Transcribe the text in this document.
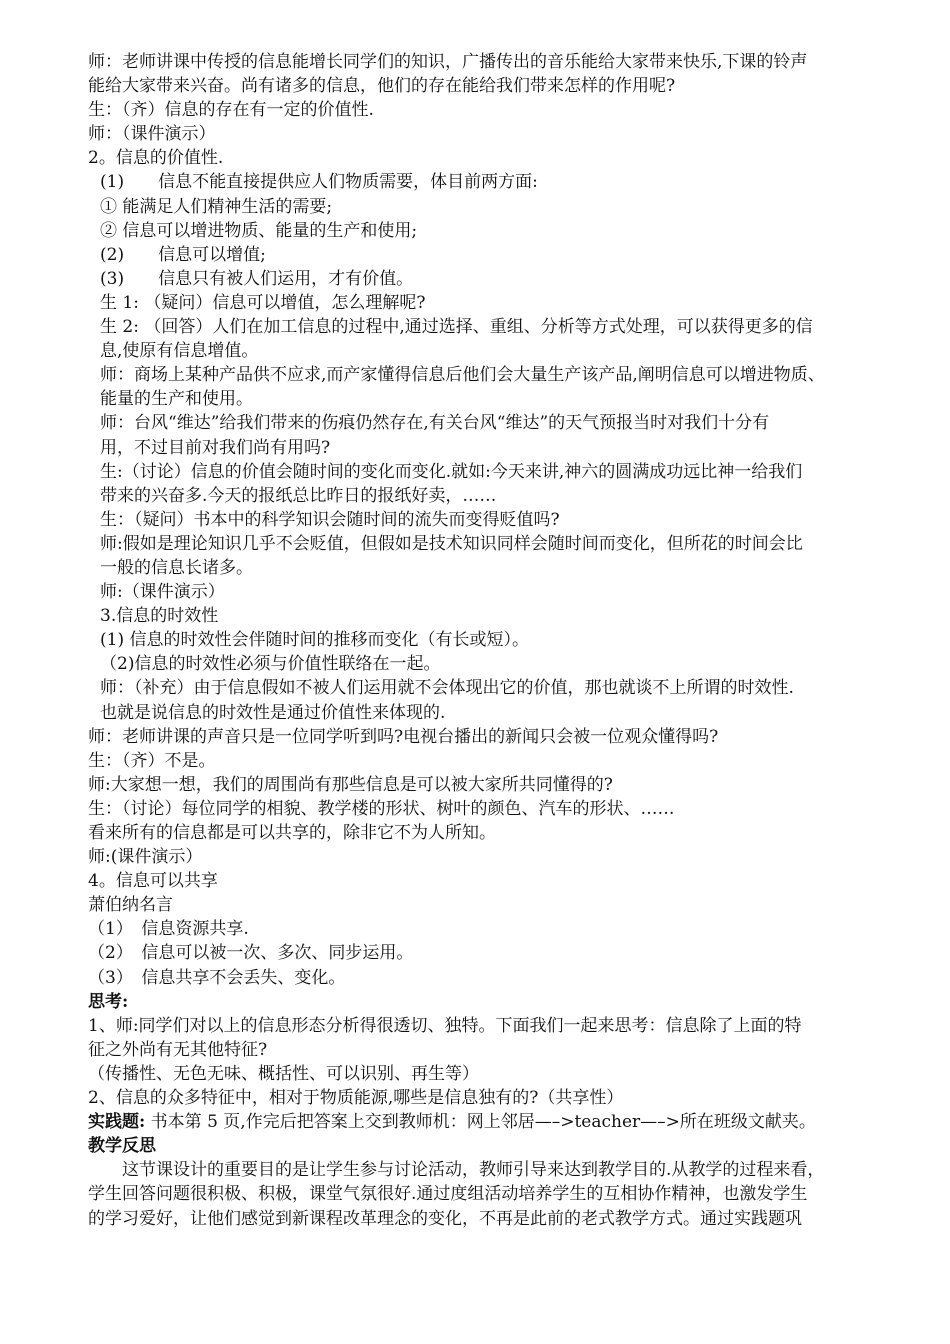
师：老师讲课中传授的信息能增长同学们的知识，广播传出的音乐能给大家带来快乐,下课的铃声
能给大家带来兴奋。尚有诸多的信息，他们的存在能给我们带来怎样的作用呢?
生：（齐）信息的存在有一定的价值性.
师：（课件演示）
2。信息的价值性.
(1)　　信息不能直接提供应人们物质需要，体目前两方面:
① 能满足人们精神生活的需要;
② 信息可以增进物质、能量的生产和使用;
(2)　　信息可以增值;
(3)　　信息只有被人们运用，才有价值。
生 1: （疑问）信息可以增值，怎么理解呢?
生 2: （回答）人们在加工信息的过程中,通过选择、重组、分析等方式处理，可以获得更多的信
息,使原有信息增值。
师：商场上某种产品供不应求,而产家懂得信息后他们会大量生产该产品,阐明信息可以增进物质、
能量的生产和使用。
师：台风“维达”给我们带来的伤痕仍然存在,有关台风“维达”的天气预报当时对我们十分有
用，不过目前对我们尚有用吗?
生:（讨论）信息的价值会随时间的变化而变化.就如:今天来讲,神六的圆满成功远比神一给我们
带来的兴奋多.今天的报纸总比昨日的报纸好卖，……
生：（疑问）书本中的科学知识会随时间的流失而变得贬值吗?
师:假如是理论知识几乎不会贬值，但假如是技术知识同样会随时间而变化，但所花的时间会比
一般的信息长诸多。
师:（课件演示）
3.信息的时效性
(1) 信息的时效性会伴随时间的推移而变化（有长或短）。
（2)信息的时效性必须与价值性联络在一起。
师：（补充）由于信息假如不被人们运用就不会体现出它的价值，那也就谈不上所谓的时效性.
也就是说信息的时效性是通过价值性来体现的.
师：老师讲课的声音只是一位同学听到吗?电视台播出的新闻只会被一位观众懂得吗?
生：（齐）不是。
师:大家想一想，我们的周围尚有那些信息是可以被大家所共同懂得的?
生：（讨论）每位同学的相貌、教学楼的形状、树叶的颜色、汽车的形状、……
看来所有的信息都是可以共享的，除非它不为人所知。
师:(课件演示）
4。信息可以共享
萧伯纳名言
（1）　信息资源共享.
（2）　信息可以被一次、多次、同步运用。
（3）　信息共享不会丢失、变化。
思考:
1、师:同学们对以上的信息形态分析得很透切、独特。下面我们一起来思考：信息除了上面的特
征之外尚有无其他特征?
（传播性、无色无味、概括性、可以识别、再生等）
2、信息的众多特征中，相对于物质能源,哪些是信息独有的?（共享性）
实践题: 书本第 5 页,作完后把答案上交到教师机：网上邻居—–>teacher—–>所在班级文献夹。
教学反思
这节课设计的重要目的是让学生参与讨论活动，教师引导来达到教学目的.从教学的过程来看，
学生回答问题很积极、积极，课堂气氛很好.通过度组活动培养学生的互相协作精神，也激发学生
的学习爱好，让他们感觉到新课程改革理念的变化，不再是此前的老式教学方式。通过实践题巩
